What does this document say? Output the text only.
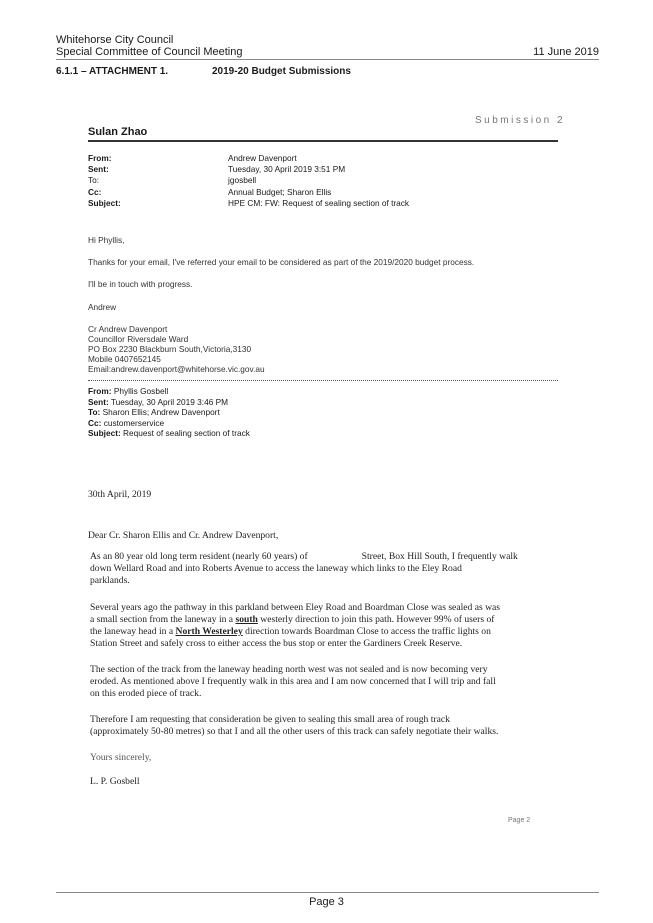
Whitehorse City Council
Special Committee of Council Meeting	11 June 2019
6.1.1 – ATTACHMENT 1.	2019-20 Budget Submissions
Submission 2
Sulan Zhao
From:	Andrew Davenport
Sent:	Tuesday, 30 April 2019 3:51 PM
To:	jgosbell
Cc:	Annual Budget; Sharon Ellis
Subject:	HPE CM: FW: Request of sealing section of track
Hi Phyllis,
Thanks for your email, I've referred your email to be considered as part of the 2019/2020 budget process.
I'll be in touch with progress.
Andrew
Cr Andrew Davenport
Councillor Riversdale Ward
PO Box 2230 Blackburn South,Victoria,3130
Mobile 0407652145
Email:andrew.davenport@whitehorse.vic.gov.au
From: Phyllis Gosbell
Sent: Tuesday, 30 April 2019 3:46 PM
To: Sharon Ellis; Andrew Davenport
Cc: customerservice
Subject: Request of sealing section of track
30th April, 2019
Dear Cr. Sharon Ellis and Cr. Andrew Davenport,
As an 80 year old long term resident (nearly 60 years) of	Street, Box Hill South, I frequently walk
down Wellard Road and into Roberts Avenue to access the laneway which links to the Eley Road
parklands.
Several years ago the pathway in this parkland between Eley Road and Boardman Close was sealed as was
a small section from the laneway in a south westerly direction to join this path. However 99% of users of
the laneway head in a North Westerley direction towards Boardman Close to access the traffic lights on
Station Street and safely cross to either access the bus stop or enter the Gardiners Creek Reserve.
The section of the track from the laneway heading north west was not sealed and is now becoming very
eroded. As mentioned above I frequently walk in this area and I am now concerned that I will trip and fall
on this eroded piece of track.
Therefore I am requesting that consideration be given to sealing this small area of rough track
(approximately 50-80 metres) so that I and all the other users of this track can safely negotiate their walks.
Yours sincerely,
L. P. Gosbell
Page 2
Page 3
